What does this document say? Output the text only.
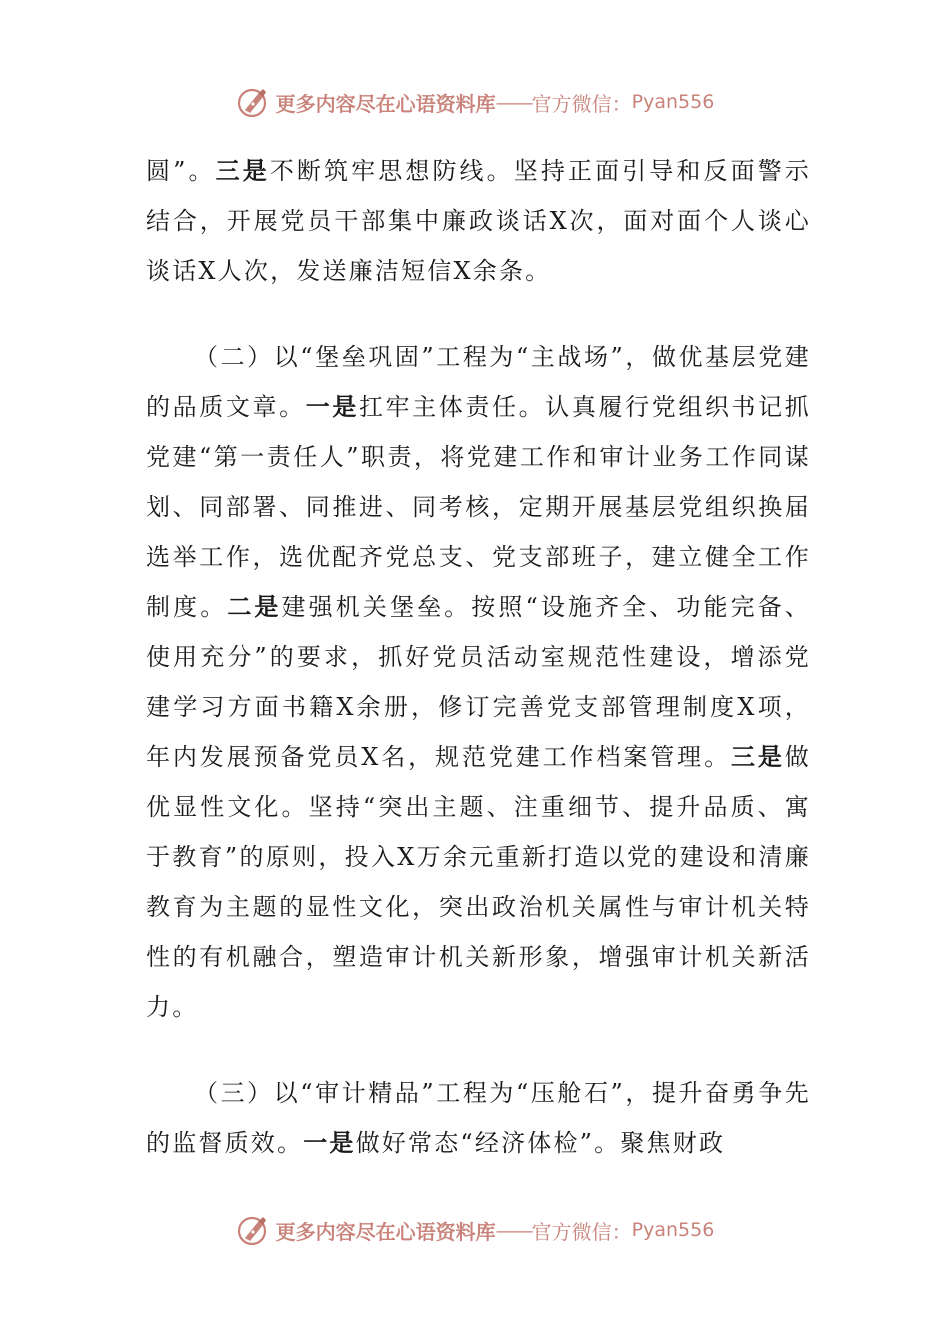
更多内容尽在心语资料库 —— 官方微信： Pyan556

圆”。三是不断筑牢思想防线。坚持正面引导和反面警示结合，开展党员干部集中廉政谈话X次，面对面个人谈心谈话X人次，发送廉洁短信X余条。

（二）以“堡垒巩固”工程为“主战场”，做优基层党建的品质文章。一是扛牢主体责任。认真履行党组织书记抓党建“第一责任人”职责，将党建工作和审计业务工作同谋划、同部署、同推进、同考核，定期开展基层党组织换届选举工作，选优配齐党总支、党支部班子，建立健全工作制度。二是建强机关堡垒。按照“设施齐全、功能完备、使用充分”的要求，抓好党员活动室规范性建设，增添党建学习方面书籍X余册，修订完善党支部管理制度X项，年内发展预备党员X名，规范党建工作档案管理。三是做优显性文化。坚持“突出主题、注重细节、提升品质、寓于教育”的原则，投入X万余元重新打造以党的建设和清廉教育为主题的显性文化，突出政治机关属性与审计机关特性的有机融合，塑造审计机关新形象，增强审计机关新活力。

（三）以“审计精品”工程为“压舱石”，提升奋勇争先的监督质效。一是做好常态“经济体检”。聚焦财政

更多内容尽在心语资料库 —— 官方微信： Pyan556
